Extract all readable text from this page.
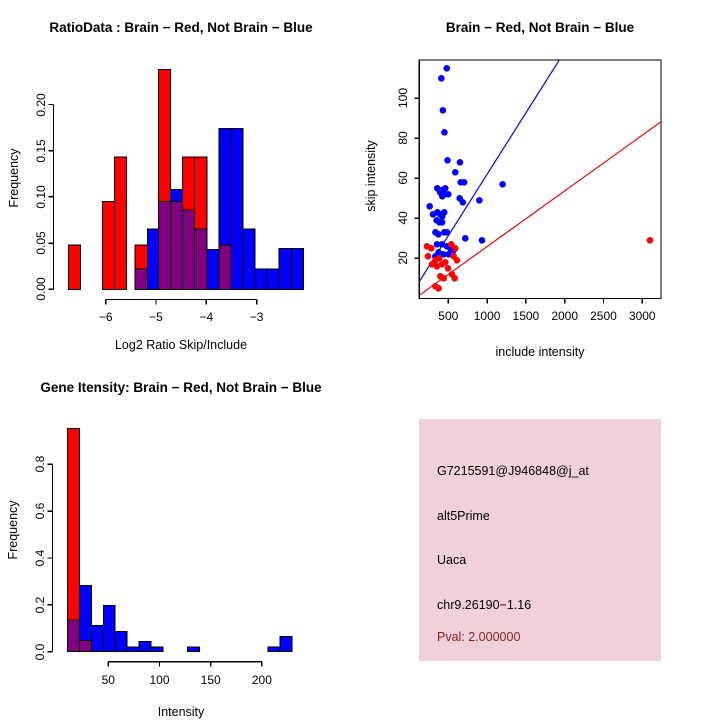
RatioData : Brain − Red, Not Brain − Blue
Frequency
Log2 Ratio Skip/Include
Brain − Red, Not Brain − Blue
skip intensity
include intensity
Gene Itensity: Brain − Red, Not Brain − Blue
Frequency
Intensity
G7215591@J946848@j_at
alt5Prime
Uaca
chr9.26190−1.16
Pval: 2.000000
0.00
0.05
0.10
0.15
0.20
−6	−5	−4	−3	500 1000 1500 2000 2500 3000
20
40
60
80
100
0.0
0.2
0.4
0.6
0.8
50	100	150	200
